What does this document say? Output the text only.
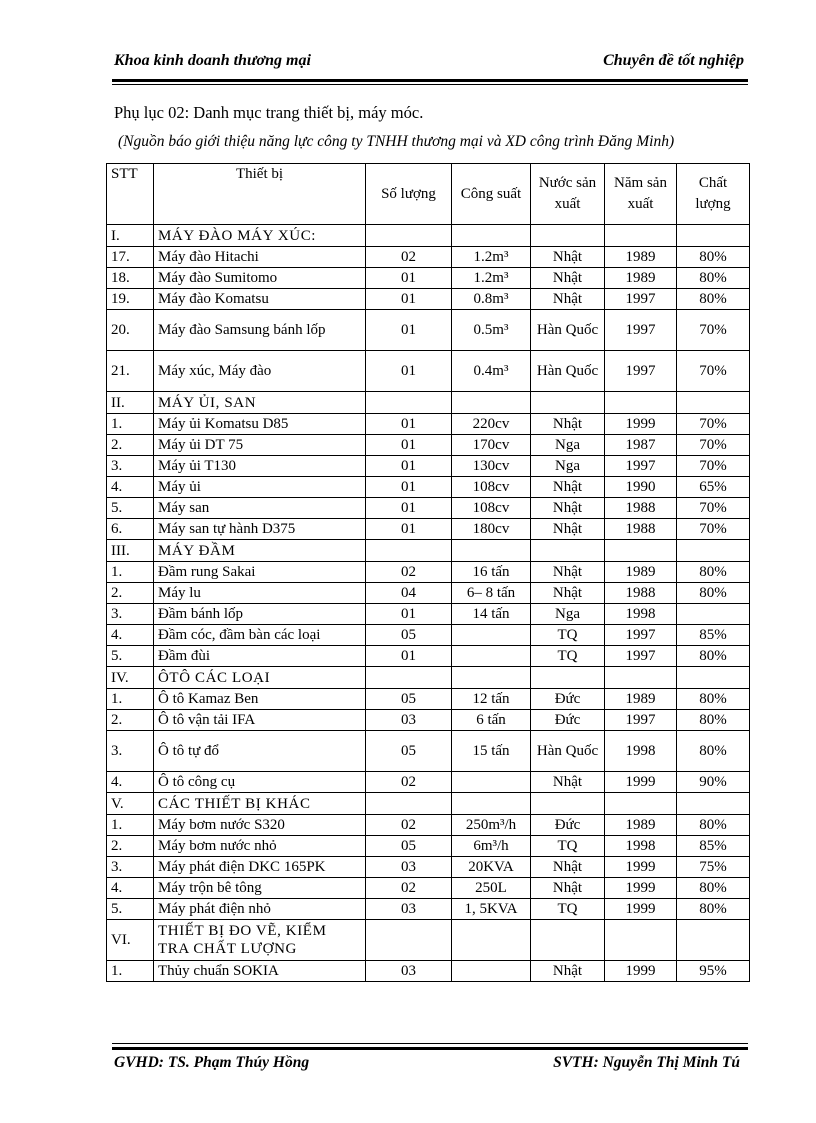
Khoa kinh doanh thương mại	Chuyên đề tốt nghiệp
Phụ lục 02: Danh mục trang thiết bị, máy móc.
(Nguồn báo giới thiệu năng lực công ty TNHH thương mại và XD công trình Đăng Minh)
STT	Thiết bị	Số lượng	Công suất	Nước sản xuất	Năm sản xuất	Chất lượng
I.	MÁY ĐÀO MÁY XÚC:					
17.	Máy đào Hitachi	02	1.2m³	Nhật	1989	80%
18.	Máy đào Sumitomo	01	1.2m³	Nhật	1989	80%
19.	Máy đào Komatsu	01	0.8m³	Nhật	1997	80%
20.	Máy đào Samsung bánh lốp	01	0.5m³	Hàn Quốc	1997	70%
21.	Máy xúc, Máy đào	01	0.4m³	Hàn Quốc	1997	70%
II.	MÁY ỦI, SAN					
1.	Máy ủi Komatsu D85	01	220cv	Nhật	1999	70%
2.	Máy ủi DT 75	01	170cv	Nga	1987	70%
3.	Máy ủi T130	01	130cv	Nga	1997	70%
4.	Máy ủi	01	108cv	Nhật	1990	65%
5.	Máy san	01	108cv	Nhật	1988	70%
6.	Máy san tự hành D375	01	180cv	Nhật	1988	70%
III.	MÁY ĐẦM					
1.	Đầm rung Sakai	02	16 tấn	Nhật	1989	80%
2.	Máy lu	04	6– 8 tấn	Nhật	1988	80%
3.	Đầm bánh lốp	01	14 tấn	Nga	1998	
4.	Đầm cóc, đầm bàn các loại	05		TQ	1997	85%
5.	Đầm đùi	01		TQ	1997	80%
IV.	ÔTÔ CÁC LOẠI					
1.	Ô tô Kamaz Ben	05	12 tấn	Đức	1989	80%
2.	Ô tô vận tải IFA	03	6 tấn	Đức	1997	80%
3.	Ô tô tự đổ	05	15 tấn	Hàn Quốc	1998	80%
4.	Ô tô công cụ	02		Nhật	1999	90%
V.	CÁC THIẾT BỊ KHÁC					
1.	Máy bơm nước S320	02	250m³/h	Đức	1989	80%
2.	Máy bơm nước nhỏ	05	6m³/h	TQ	1998	85%
3.	Máy phát điện DKC 165PK	03	20KVA	Nhật	1999	75%
4.	Máy trộn bê tông	02	250L	Nhật	1999	80%
5.	Máy phát điện nhỏ	03	1, 5KVA	TQ	1999	80%
VI.	THIẾT BỊ ĐO VẼ, KIỂM TRA CHẤT LƯỢNG					
1.	Thủy chuẩn SOKIA	03		Nhật	1999	95%
GVHD: TS. Phạm Thúy Hồng	SVTH: Nguyễn Thị Minh Tú
